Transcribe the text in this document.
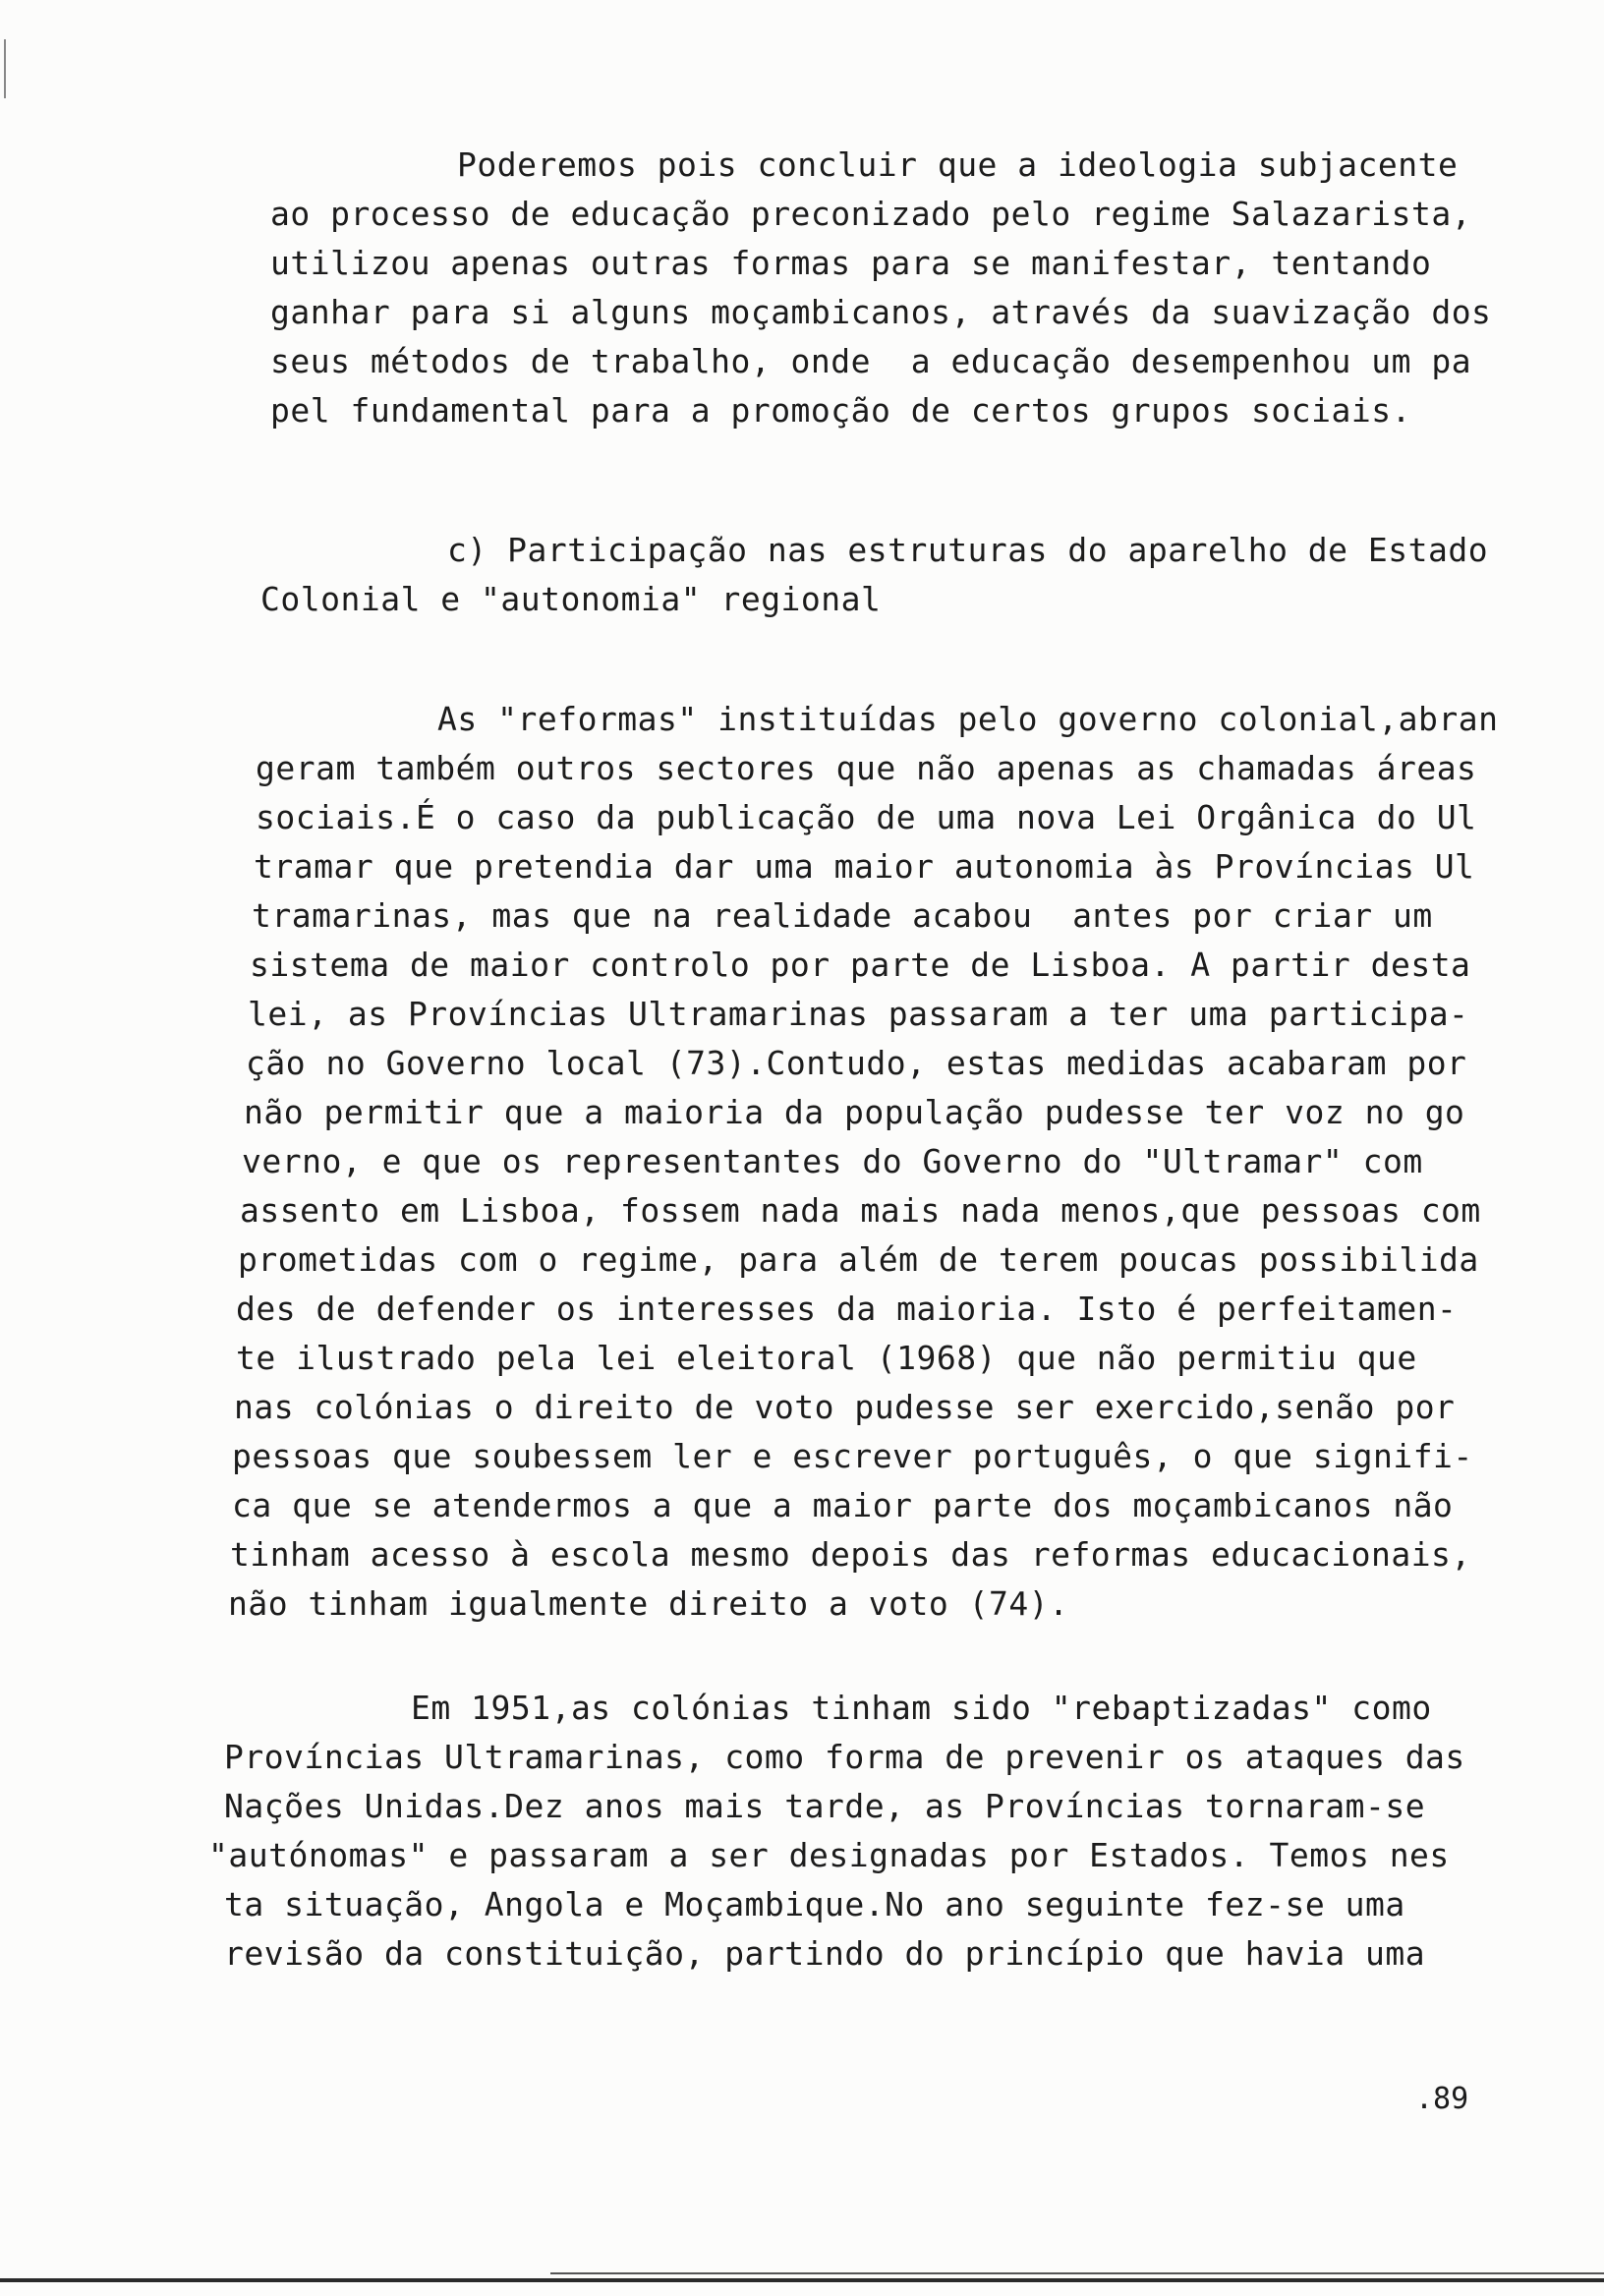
Poderemos pois concluir que a ideologia subjacente

ao processo de educação preconizado pelo regime Salazarista,

utilizou apenas outras formas para se manifestar, tentando

ganhar para si alguns moçambicanos, através da suavização dos

seus métodos de trabalho, onde  a educação desempenhou um pa

pel fundamental para a promoção de certos grupos sociais.

c) Participação nas estruturas do aparelho de Estado

Colonial e "autonomia" regional

As "reformas" instituídas pelo governo colonial,abran

geram também outros sectores que não apenas as chamadas áreas

sociais.É o caso da publicação de uma nova Lei Orgânica do Ul

tramar que pretendia dar uma maior autonomia às Províncias Ul

tramarinas, mas que na realidade acabou  antes por criar um

sistema de maior controlo por parte de Lisboa. A partir desta

lei, as Províncias Ultramarinas passaram a ter uma participa-

ção no Governo local (73).Contudo, estas medidas acabaram por

não permitir que a maioria da população pudesse ter voz no go

verno, e que os representantes do Governo do "Ultramar" com

assento em Lisboa, fossem nada mais nada menos,que pessoas com

prometidas com o regime, para além de terem poucas possibilida

des de defender os interesses da maioria. Isto é perfeitamen-

te ilustrado pela lei eleitoral (1968) que não permitiu que

nas colónias o direito de voto pudesse ser exercido,senão por

pessoas que soubessem ler e escrever português, o que signifi-

ca que se atendermos a que a maior parte dos moçambicanos não

tinham acesso à escola mesmo depois das reformas educacionais,

não tinham igualmente direito a voto (74).

Em 1951,as colónias tinham sido "rebaptizadas" como

Províncias Ultramarinas, como forma de prevenir os ataques das

Nações Unidas.Dez anos mais tarde, as Províncias tornaram-se

"autónomas" e passaram a ser designadas por Estados. Temos nes

ta situação, Angola e Moçambique.No ano seguinte fez-se uma

revisão da constituição, partindo do princípio que havia uma

.89
